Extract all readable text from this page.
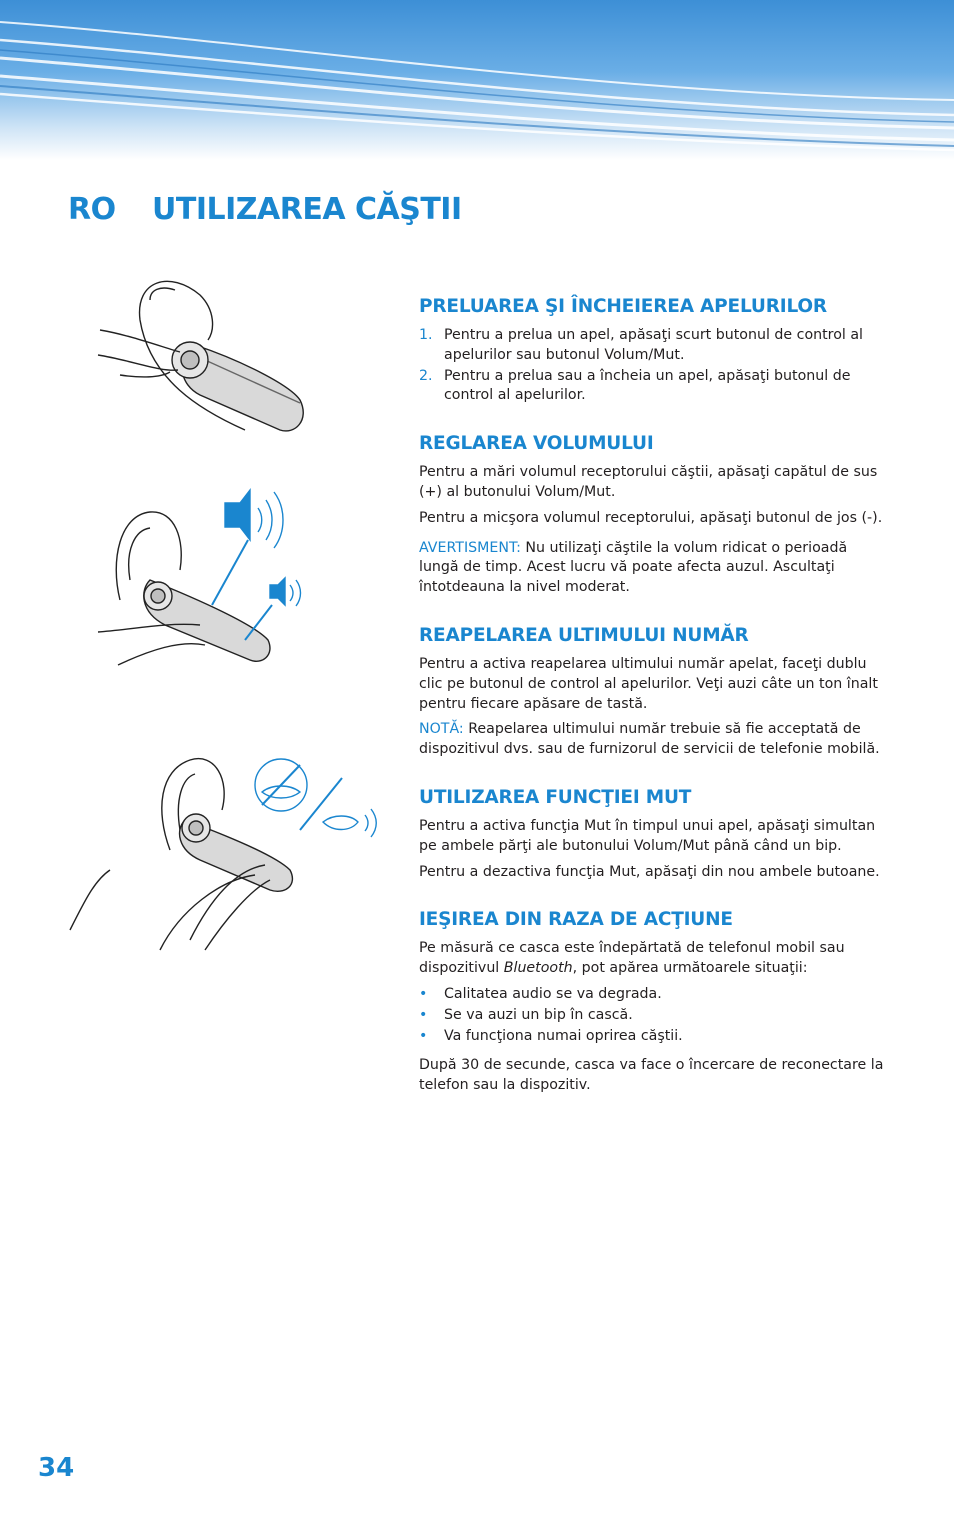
RO UTILIZAREA CĂŞTII
PRELUAREA ŞI ÎNCHEIEREA APELURILOR
1. Pentru a prelua un apel, apăsaţi scurt butonul de control al apelurilor sau butonul Volum/Mut.
2. Pentru a prelua sau a încheia un apel, apăsaţi butonul de control al apelurilor.
REGLAREA VOLUMULUI

Pentru a mări volumul receptorului căştii, apăsaţi capătul de sus (+) al butonului Volum/Mut.

Pentru a micşora volumul receptorului, apăsaţi butonul de jos (-).

AVERTISMENT: Nu utilizaţi căştile la volum ridicat o perioadă lungă de timp. Acest lucru vă poate afecta auzul. Ascultaţi întotdeauna la nivel moderat.

REAPELAREA ULTIMULUI NUMĂR

Pentru a activa reapelarea ultimului număr apelat, faceţi dublu clic pe butonul de control al apelurilor. Veţi auzi câte un ton înalt pentru fiecare apăsare de tastă.

NOTĂ: Reapelarea ultimului număr trebuie să fie acceptată de dispozitivul dvs. sau de furnizorul de servicii de telefonie mobilă.

UTILIZAREA FUNCŢIEI MUT

Pentru a activa funcţia Mut în timpul unui apel, apăsaţi simultan pe ambele părţi ale butonului Volum/Mut până când un bip.

Pentru a dezactiva funcţia Mut, apăsaţi din nou ambele butoane.

IEŞIREA DIN RAZA DE ACŢIUNE

Pe măsură ce casca este îndepărtată de telefonul mobil sau dispozitivul Bluetooth, pot apărea următoarele situaţii:

• Calitatea audio se va degrada.
• Se va auzi un bip în cască.
• Va funcţiona numai oprirea căştii.

După 30 de secunde, casca va face o încercare de reconectare la telefon sau la dispozitiv.

34
